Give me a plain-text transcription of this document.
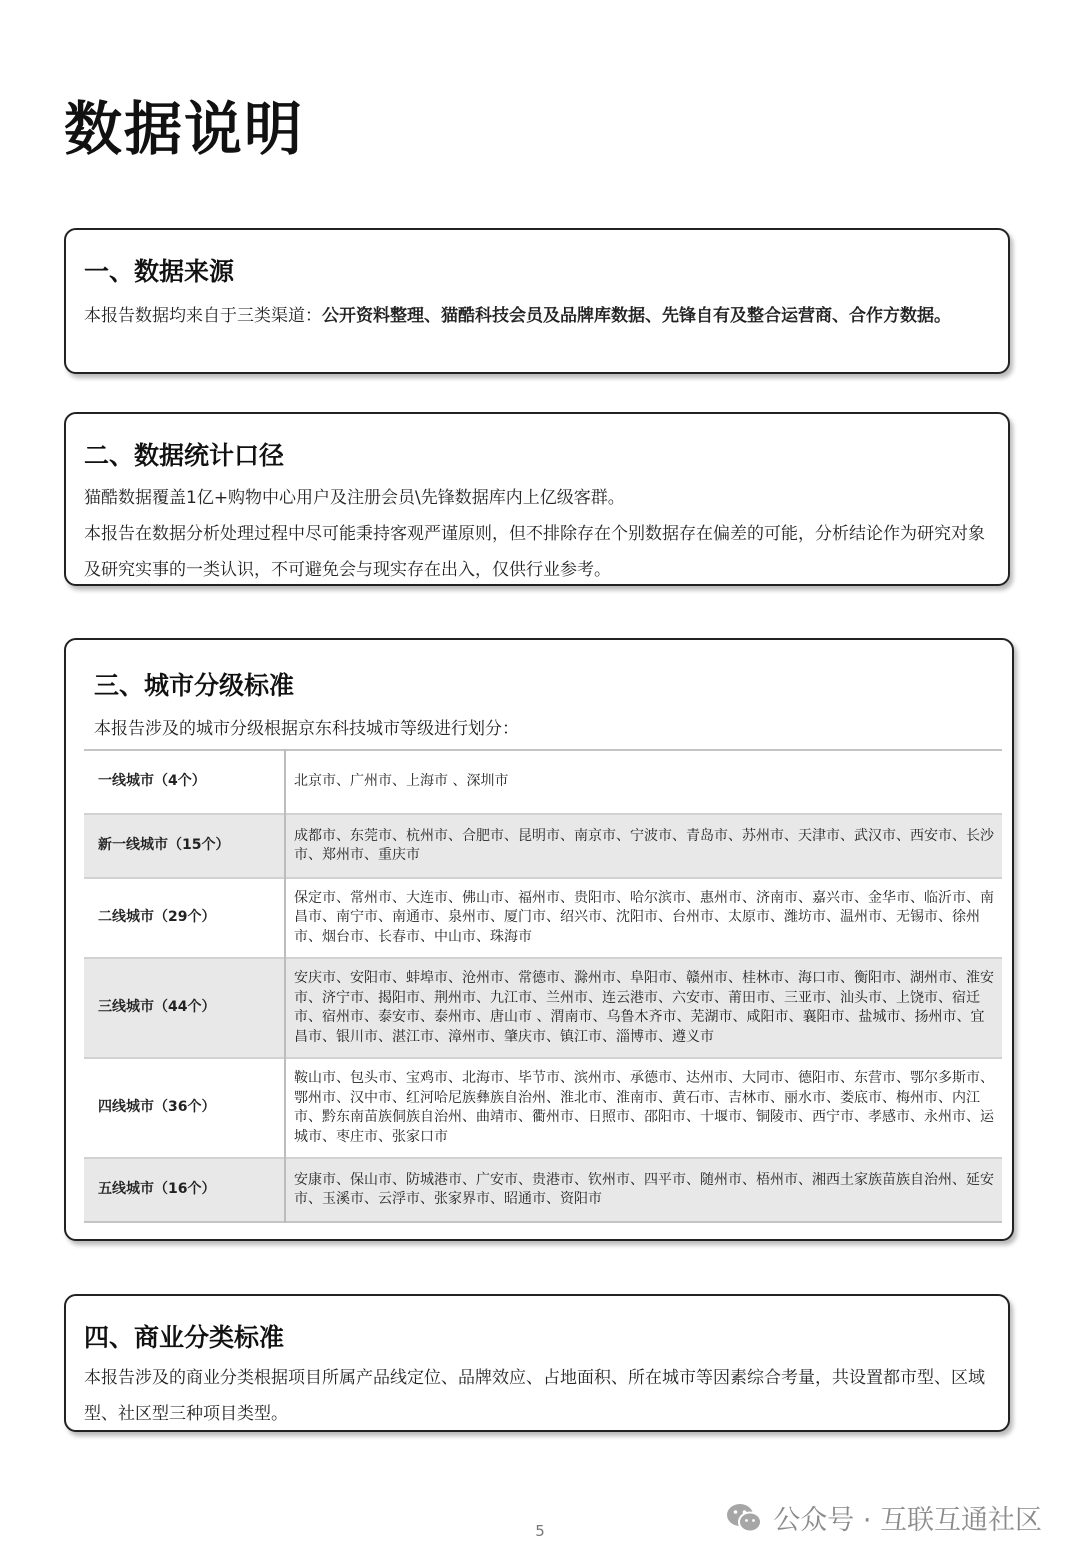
数据说明
一、数据来源

本报告数据均来自于三类渠道：公开资料整理、猫酷科技会员及品牌库数据、先锋自有及整合运营商、合作方数据。

二、数据统计口径

猫酷数据覆盖1亿+购物中心用户及注册会员\先锋数据库内上亿级客群。

本报告在数据分析处理过程中尽可能秉持客观严谨原则，但不排除存在个别数据存在偏差的可能，分析结论作为研究对象及研究实事的一类认识，不可避免会与现实存在出入，仅供行业参考。

三、城市分级标准
本报告涉及的城市分级根据京东科技城市等级进行划分：
一线城市（4个）	北京市、广州市、上海市 、深圳市
新一线城市（15个）	成都市、东莞市、杭州市、合肥市、昆明市、南京市、宁波市、青岛市、苏州市、天津市、武汉市、西安市、长沙市、郑州市、重庆市
二线城市（29个）	保定市、常州市、大连市、佛山市、福州市、贵阳市、哈尔滨市、惠州市、济南市、嘉兴市、金华市、临沂市、南昌市、南宁市、南通市、泉州市、厦门市、绍兴市、沈阳市、台州市、太原市、潍坊市、温州市、无锡市、徐州市、烟台市、长春市、中山市、珠海市
三线城市（44个）	安庆市、安阳市、蚌埠市、沧州市、常德市、滁州市、阜阳市、赣州市、桂林市、海口市、衡阳市、湖州市、淮安市、济宁市、揭阳市、荆州市、九江市、兰州市、连云港市、六安市、莆田市、三亚市、汕头市、上饶市、宿迁市、宿州市、泰安市、泰州市、唐山市 、渭南市、乌鲁木齐市、芜湖市、咸阳市、襄阳市、盐城市、扬州市、宜昌市、银川市、湛江市、漳州市、肇庆市、镇江市、淄博市、遵义市
四线城市（36个）	鞍山市、包头市、宝鸡市、北海市、毕节市、滨州市、承德市、达州市、大同市、德阳市、东营市、鄂尔多斯市、鄂州市、汉中市、红河哈尼族彝族自治州、淮北市、淮南市、黄石市、吉林市、丽水市、娄底市、梅州市、内江市、黔东南苗族侗族自治州、曲靖市、衢州市、日照市、邵阳市、十堰市、铜陵市、西宁市、孝感市、永州市、运城市、枣庄市、张家口市
五线城市（16个）	安康市、保山市、防城港市、广安市、贵港市、钦州市、四平市、随州市、梧州市、湘西土家族苗族自治州、延安市、玉溪市、云浮市、张家界市、昭通市、资阳市
四、商业分类标准

本报告涉及的商业分类根据项目所属产品线定位、品牌效应、占地面积、所在城市等因素综合考量，共设置都市型、区域型、社区型三种项目类型。

公众号 · 互联互通社区
5
